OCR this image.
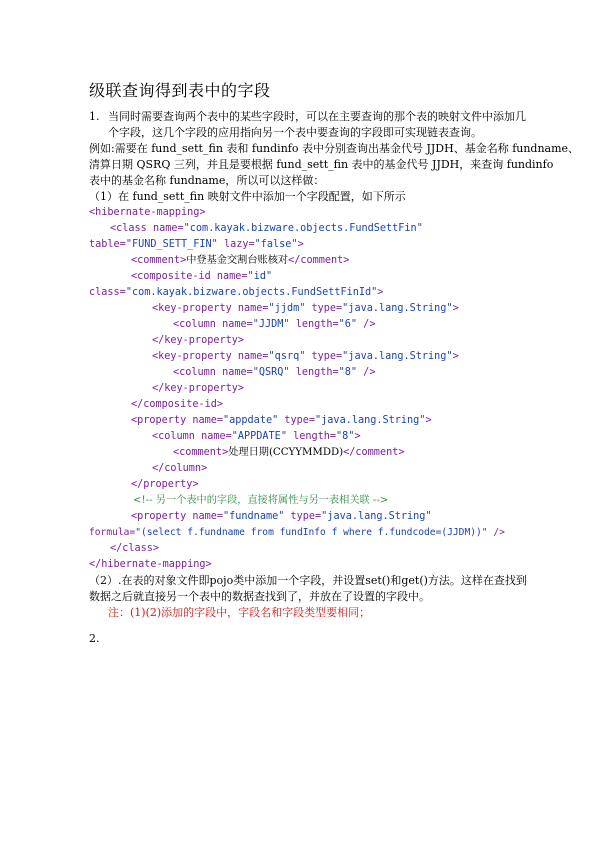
级联查询得到表中的字段
1. 当同时需要查询两个表中的某些字段时，可以在主要查询的那个表的映射文件中添加几
个字段，这几个字段的应用指向另一个表中要查询的字段即可实现链表查询。
例如:需要在 fund_sett_fin 表和 fundinfo 表中分别查询出基金代号 JJDH、基金名称 fundname、
清算日期 QSRQ 三列，并且是要根据 fund_sett_fin 表中的基金代号 JJDH，来查询 fundinfo
表中的基金名称 fundname，所以可以这样做：
（1）在 fund_sett_fin 映射文件中添加一个字段配置，如下所示
<hibernate-mapping>
<class name="com.kayak.bizware.objects.FundSettFin"
table="FUND_SETT_FIN" lazy="false">
<comment>中登基金交割台账核对</comment>
<composite-id name="id"
class="com.kayak.bizware.objects.FundSettFinId">
<key-property name="jjdm" type="java.lang.String">
<column name="JJDM" length="6" />
</key-property>
<key-property name="qsrq" type="java.lang.String">
<column name="QSRQ" length="8" />
</key-property>
</composite-id>
<property name="appdate" type="java.lang.String">
<column name="APPDATE" length="8">
<comment>处理日期(CCYYMMDD)</comment>
</column>
</property>
<!-- 另一个表中的字段，直接将属性与另一表相关联 -->
<property name="fundname" type="java.lang.String"
formula="(select f.fundname from fundInfo f where f.fundcode=(JJDM))" />
</class>
</hibernate-mapping>
（2）.在表的对象文件即pojo类中添加一个字段，并设置set()和get()方法。这样在查找到
数据之后就直接另一个表中的数据查找到了，并放在了设置的字段中。
注：(1)(2)添加的字段中，字段名和字段类型要相同；
2.
